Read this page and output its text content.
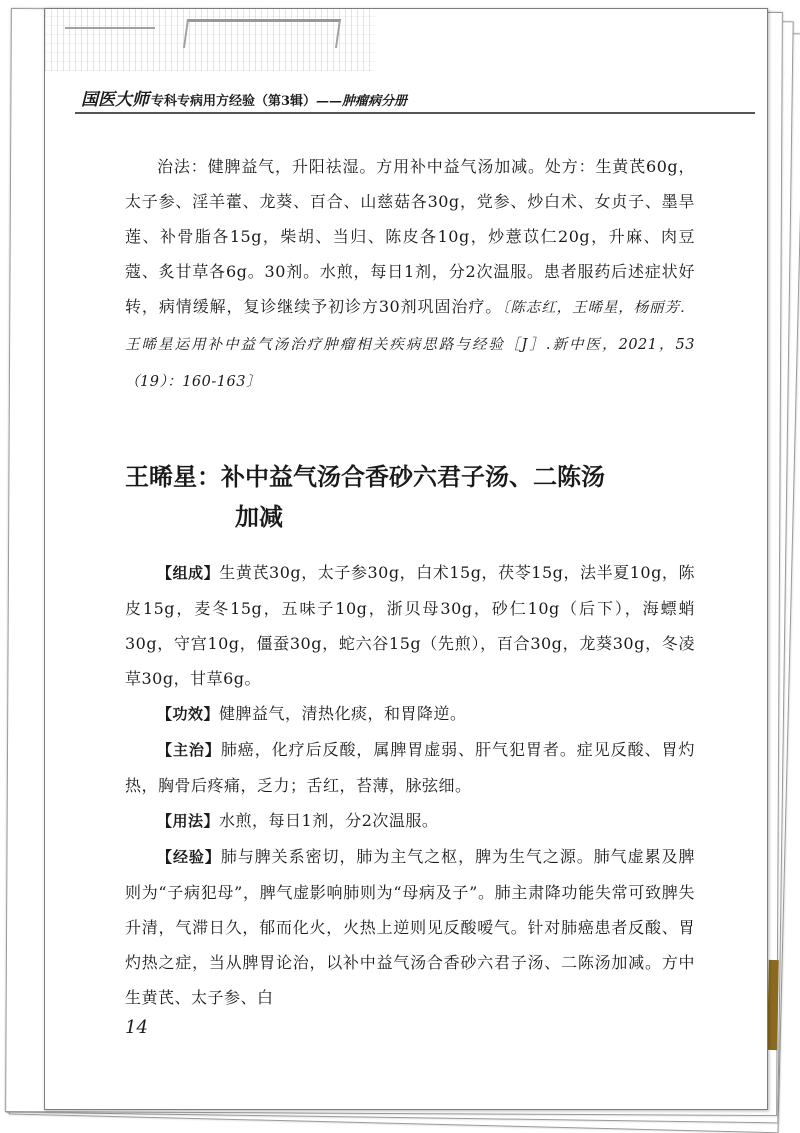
国医大师 专科专病用方经验（第3辑）——肿瘤病分册

治法：健脾益气，升阳祛湿。方用补中益气汤加减。处方：生黄芪60g，太子参、淫羊藿、龙葵、百合、山慈菇各30g，党参、炒白术、女贞子、墨旱莲、补骨脂各15g，柴胡、当归、陈皮各10g，炒薏苡仁20g，升麻、肉豆蔻、炙甘草各6g。30剂。水煎，每日1剂，分2次温服。患者服药后述症状好转，病情缓解，复诊继续予初诊方30剂巩固治疗。〔陈志红，王晞星，杨丽芳．王晞星运用补中益气汤治疗肿瘤相关疾病思路与经验［J］.新中医，2021，53（19）：160-163〕

王晞星：补中益气汤合香砂六君子汤、二陈汤
加减

【组成】生黄芪30g，太子参30g，白术15g，茯苓15g，法半夏10g，陈皮15g，麦冬15g，五味子10g，浙贝母30g，砂仁10g（后下），海螵蛸30g，守宫10g，僵蚕30g，蛇六谷15g（先煎），百合30g，龙葵30g，冬凌草30g，甘草6g。

【功效】健脾益气，清热化痰，和胃降逆。

【主治】肺癌，化疗后反酸，属脾胃虚弱、肝气犯胃者。症见反酸、胃灼热，胸骨后疼痛，乏力；舌红，苔薄，脉弦细。

【用法】水煎，每日1剂，分2次温服。

【经验】肺与脾关系密切，肺为主气之枢，脾为生气之源。肺气虚累及脾则为“子病犯母”，脾气虚影响肺则为“母病及子”。肺主肃降功能失常可致脾失升清，气滞日久，郁而化火，火热上逆则见反酸嗳气。针对肺癌患者反酸、胃灼热之症，当从脾胃论治，以补中益气汤合香砂六君子汤、二陈汤加减。方中生黄芪、太子参、白

14
